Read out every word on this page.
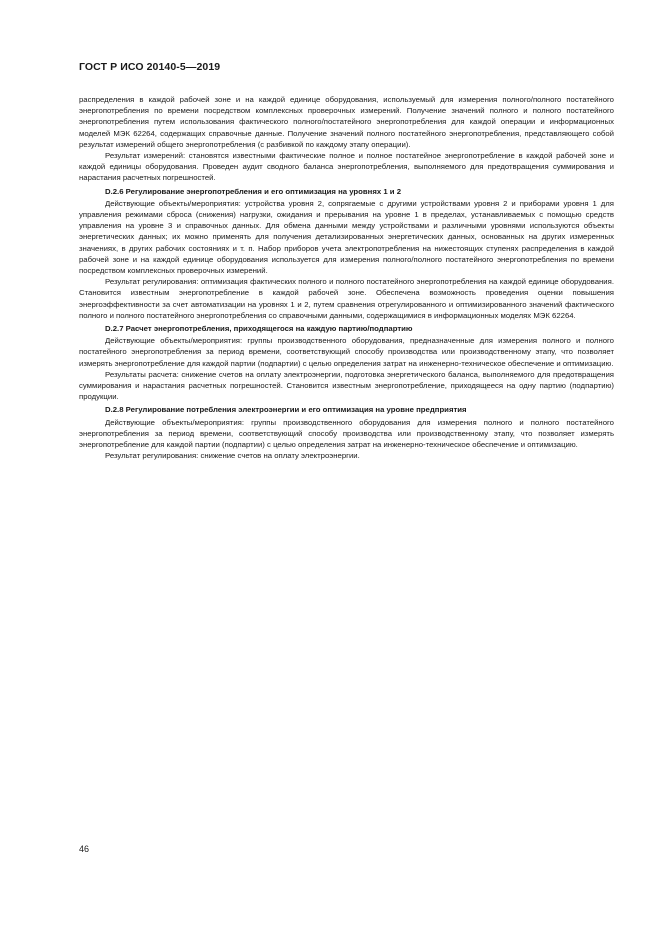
ГОСТ Р ИСО 20140-5—2019

распределения в каждой рабочей зоне и на каждой единице оборудования, используемый для измерения полного/полного постатейного энергопотребления по времени посредством комплексных проверочных измерений. Получение значений полного и полного постатейного энергопотребления путем использования фактического полного/постатейного энергопотребления для каждой операции и информационных моделей МЭК 62264, содержащих справочные данные. Получение значений полного постатейного энергопотребления, представляющего собой результат измерений общего энергопотребления (с разбивкой по каждому этапу операции).

Результат измерений: становятся известными фактические полное и полное постатейное энергопотребление в каждой рабочей зоне и каждой единицы оборудования. Проведен аудит сводного баланса энергопотребления, выполняемого для предотвращения суммирования и нарастания расчетных погрешностей.

D.2.6 Регулирование энергопотребления и его оптимизация на уровнях 1 и 2

Действующие объекты/мероприятия: устройства уровня 2, сопрягаемые с другими устройствами уровня 2 и приборами уровня 1 для управления режимами сброса (снижения) нагрузки, ожидания и прерывания на уровне 1 в пределах, устанавливаемых с помощью средств управления на уровне 3 и справочных данных. Для обмена данными между устройствами и различными уровнями используются объекты энергетических данных; их можно применять для получения детализированных энергетических данных, основанных на других измеренных значениях, в других рабочих состояниях и т. п. Набор приборов учета электропотребления на нижестоящих ступенях распределения в каждой рабочей зоне и на каждой единице оборудования используется для измерения полного/полного постатейного энергопотребления по времени посредством комплексных проверочных измерений.

Результат регулирования: оптимизация фактических полного и полного постатейного энергопотребления на каждой единице оборудования. Становится известным энергопотребление в каждой рабочей зоне. Обеспечена возможность проведения оценки повышения энергоэффективности за счет автоматизации на уровнях 1 и 2, путем сравнения отрегулированного и оптимизированного значений фактического полного и полного постатейного энергопотребления со справочными данными, содержащимися в информационных моделях МЭК 62264.

D.2.7 Расчет энергопотребления, приходящегося на каждую партию/подпартию

Действующие объекты/мероприятия: группы производственного оборудования, предназначенные для измерения полного и полного постатейного энергопотребления за период времени, соответствующий способу производства или производственному этапу, что позволяет измерять энергопотребление для каждой партии (подпартии) с целью определения затрат на инженерно-техническое обеспечение и оптимизацию.

Результаты расчета: снижение счетов на оплату электроэнергии, подготовка энергетического баланса, выполняемого для предотвращения суммирования и нарастания расчетных погрешностей. Становится известным энергопотребление, приходящееся на одну партию (подпартию) продукции.

D.2.8 Регулирование потребления электроэнергии и его оптимизация на уровне предприятия

Действующие объекты/мероприятия: группы производственного оборудования для измерения полного и полного постатейного энергопотребления за период времени, соответствующий способу производства или производственному этапу, что позволяет измерять энергопотребление для каждой партии (подпартии) с целью определения затрат на инженерно-техническое обеспечение и оптимизацию.

Результат регулирования: снижение счетов на оплату электроэнергии.

46
